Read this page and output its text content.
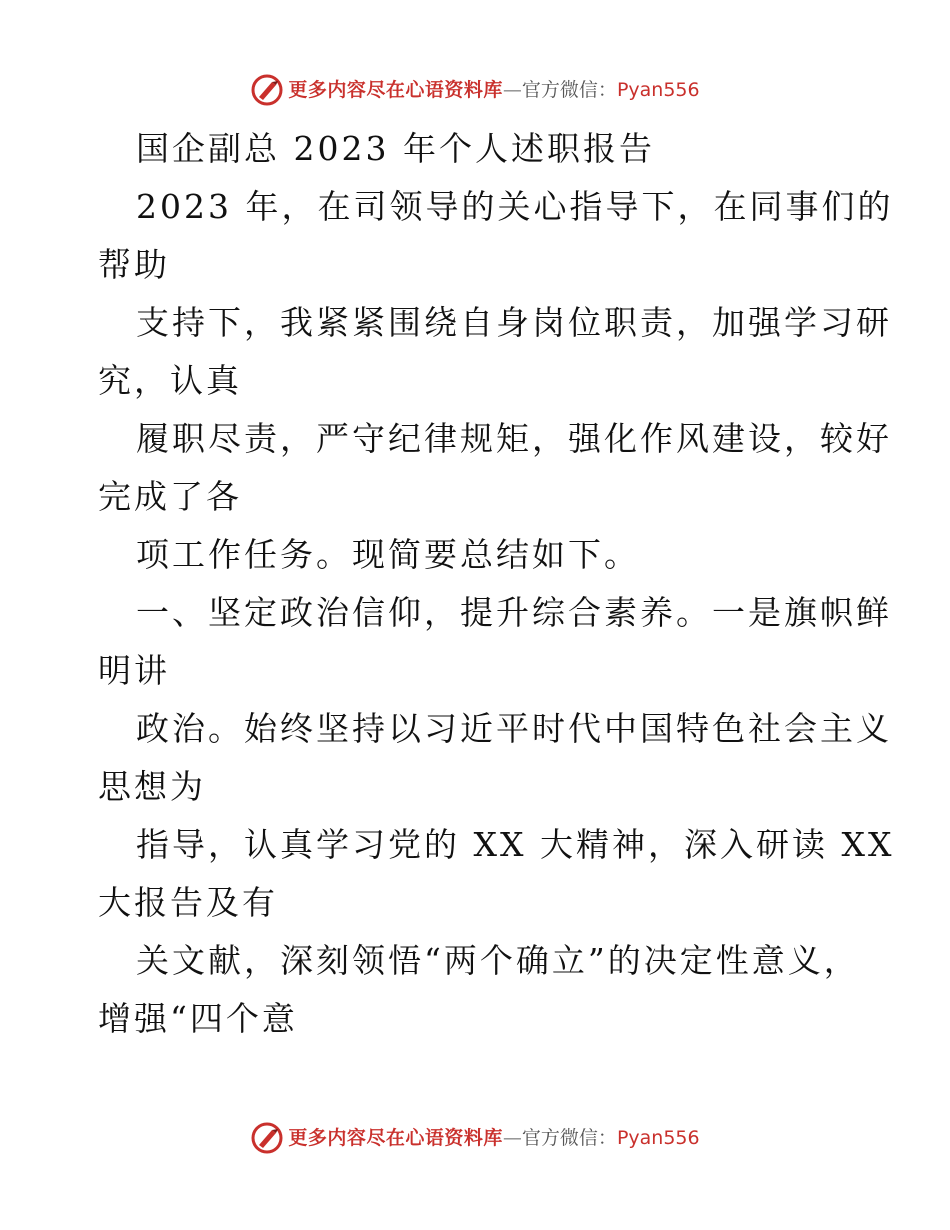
更多内容尽在心语资料库 — 官方微信： Pyan556
国企副总 2023 年个人述职报告
2023 年，在司领导的关心指导下，在同事们的
帮助
支持下，我紧紧围绕自身岗位职责，加强学习研
究，认真
履职尽责，严守纪律规矩，强化作风建设，较好
完成了各
项工作任务。现简要总结如下。
一、坚定政治信仰，提升综合素养。一是旗帜鲜
明讲
政治。始终坚持以习近平时代中国特色社会主义
思想为
指导，认真学习党的 XX 大精神，深入研读 XX
大报告及有
关文献，深刻领悟“两个确立”的决定性意义，
增强“四个意
更多内容尽在心语资料库 — 官方微信： Pyan556
